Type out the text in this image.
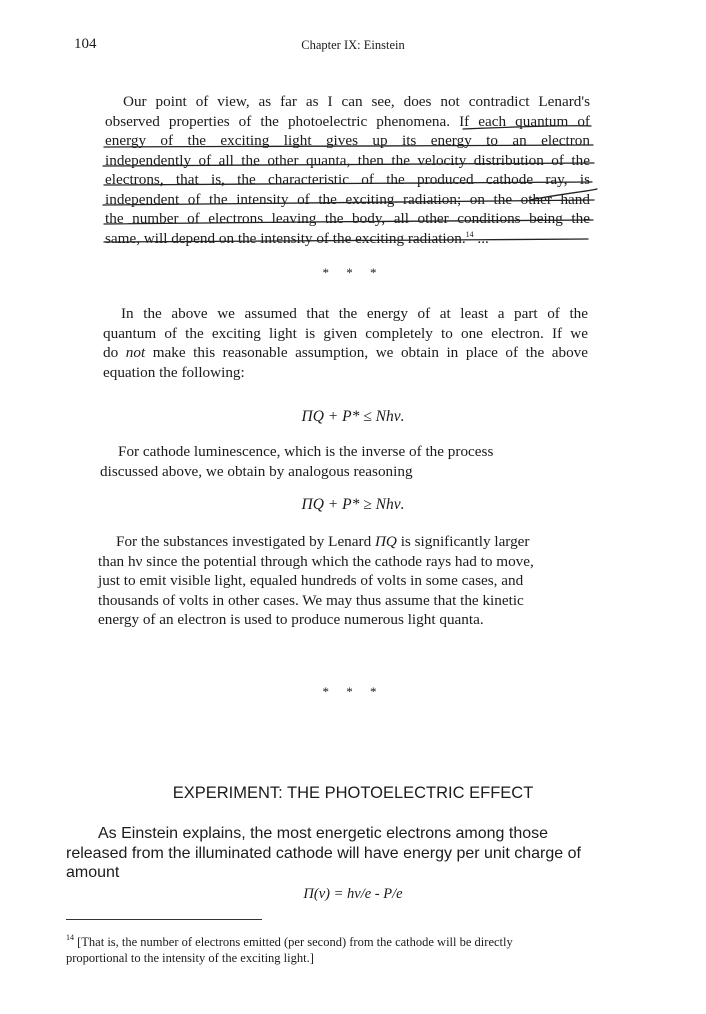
104	Chapter IX: Einstein
Our point of view, as far as I can see, does not contradict Lenard's
observed properties of the photoelectric phenomena. If each quantum of
energy of the exciting light gives up its energy to an electron
independently of all the other quanta, then the velocity distribution of the
electrons, that is, the characteristic of the produced cathode ray, is
independent of the intensity of the exciting radiation; on the other hand
the number of electrons leaving the body, all other conditions being the
same, will depend on the intensity of the exciting radiation.$^{14}$ ...
* * *
In the above we assumed that the energy of at least a part of the
quantum of the exciting light is given completely to one electron. If we
do not make this reasonable assumption, we obtain in place of the above
equation the following:
ΠQ + P* ≤ Nhν.
For cathode luminescence, which is the inverse of the process
discussed above, we obtain by analogous reasoning
ΠQ + P* ≥ Nhν.
For the substances investigated by Lenard ΠQ is significantly larger
than hν since the potential through which the cathode rays had to move,
just to emit visible light, equaled hundreds of volts in some cases, and
thousands of volts in other cases. We may thus assume that the kinetic
energy of an electron is used to produce numerous light quanta.
* * *
EXPERIMENT: THE PHOTOELECTRIC EFFECT
As Einstein explains, the most energetic electrons among those
released from the illuminated cathode will have energy per unit charge of
amount
Π(ν) = hν/e - P/e
$^{14}$ [That is, the number of electrons emitted (per second) from the cathode will be directly
proportional to the intensity of the exciting light.]
